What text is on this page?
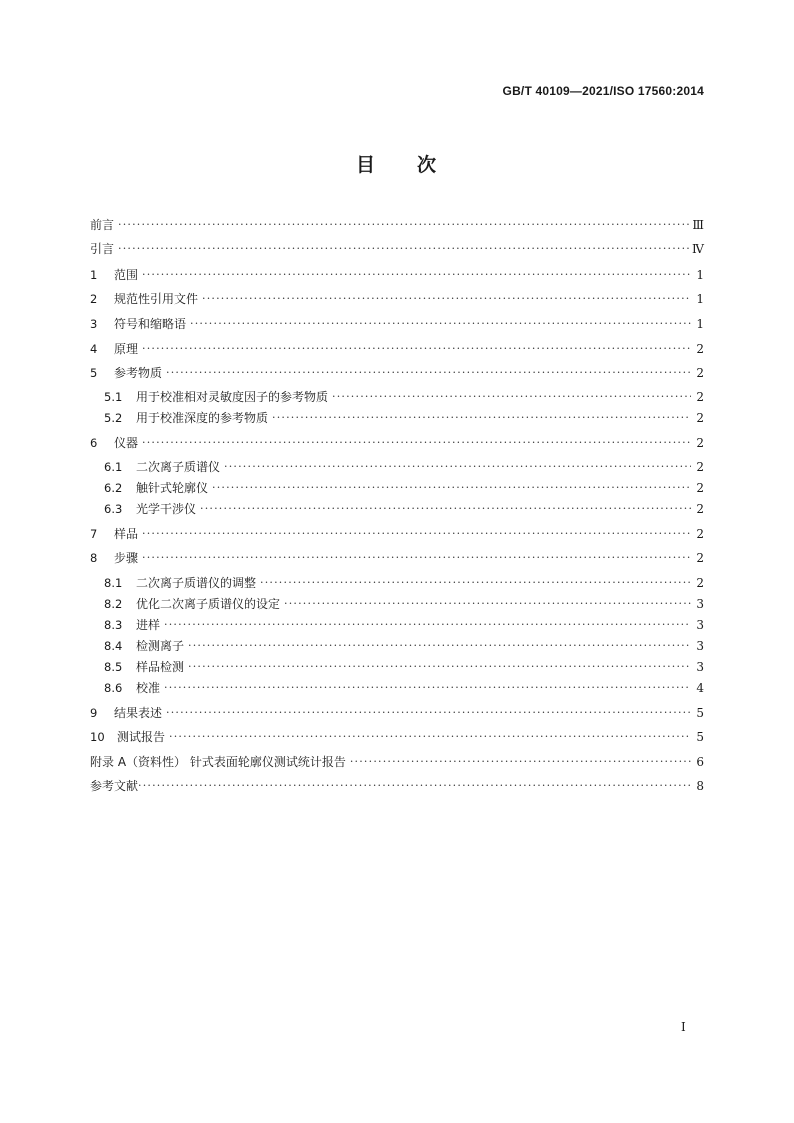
GB/T 40109—2021/ISO 17560:2014
目 次
前言 ·····	Ⅲ
引言 ·····	Ⅳ
1	范围 ·····	1
2	规范性引用文件 ·····	1
3	符号和缩略语 ·····	1
4	原理 ·····	2
5	参考物质 ·····	2
5.1	用于校准相对灵敏度因子的参考物质 ·····	2
5.2	用于校准深度的参考物质 ·····	2
6	仪器 ·····	2
6.1	二次离子质谱仪 ·····	2
6.2	触针式轮廓仪 ·····	2
6.3	光学干涉仪 ·····	2
7	样品 ·····	2
8	步骤 ·····	2
8.1	二次离子质谱仪的调整 ·····	2
8.2	优化二次离子质谱仪的设定 ·····	3
8.3	进样 ·····	3
8.4	检测离子 ·····	3
8.5	样品检测 ·····	3
8.6	校准 ·····	4
9	结果表述 ·····	5
10	测试报告 ·····	5
附录 A（资料性） 针式表面轮廓仪测试统计报告 ·····	6
参考文献 ·····	8
I
